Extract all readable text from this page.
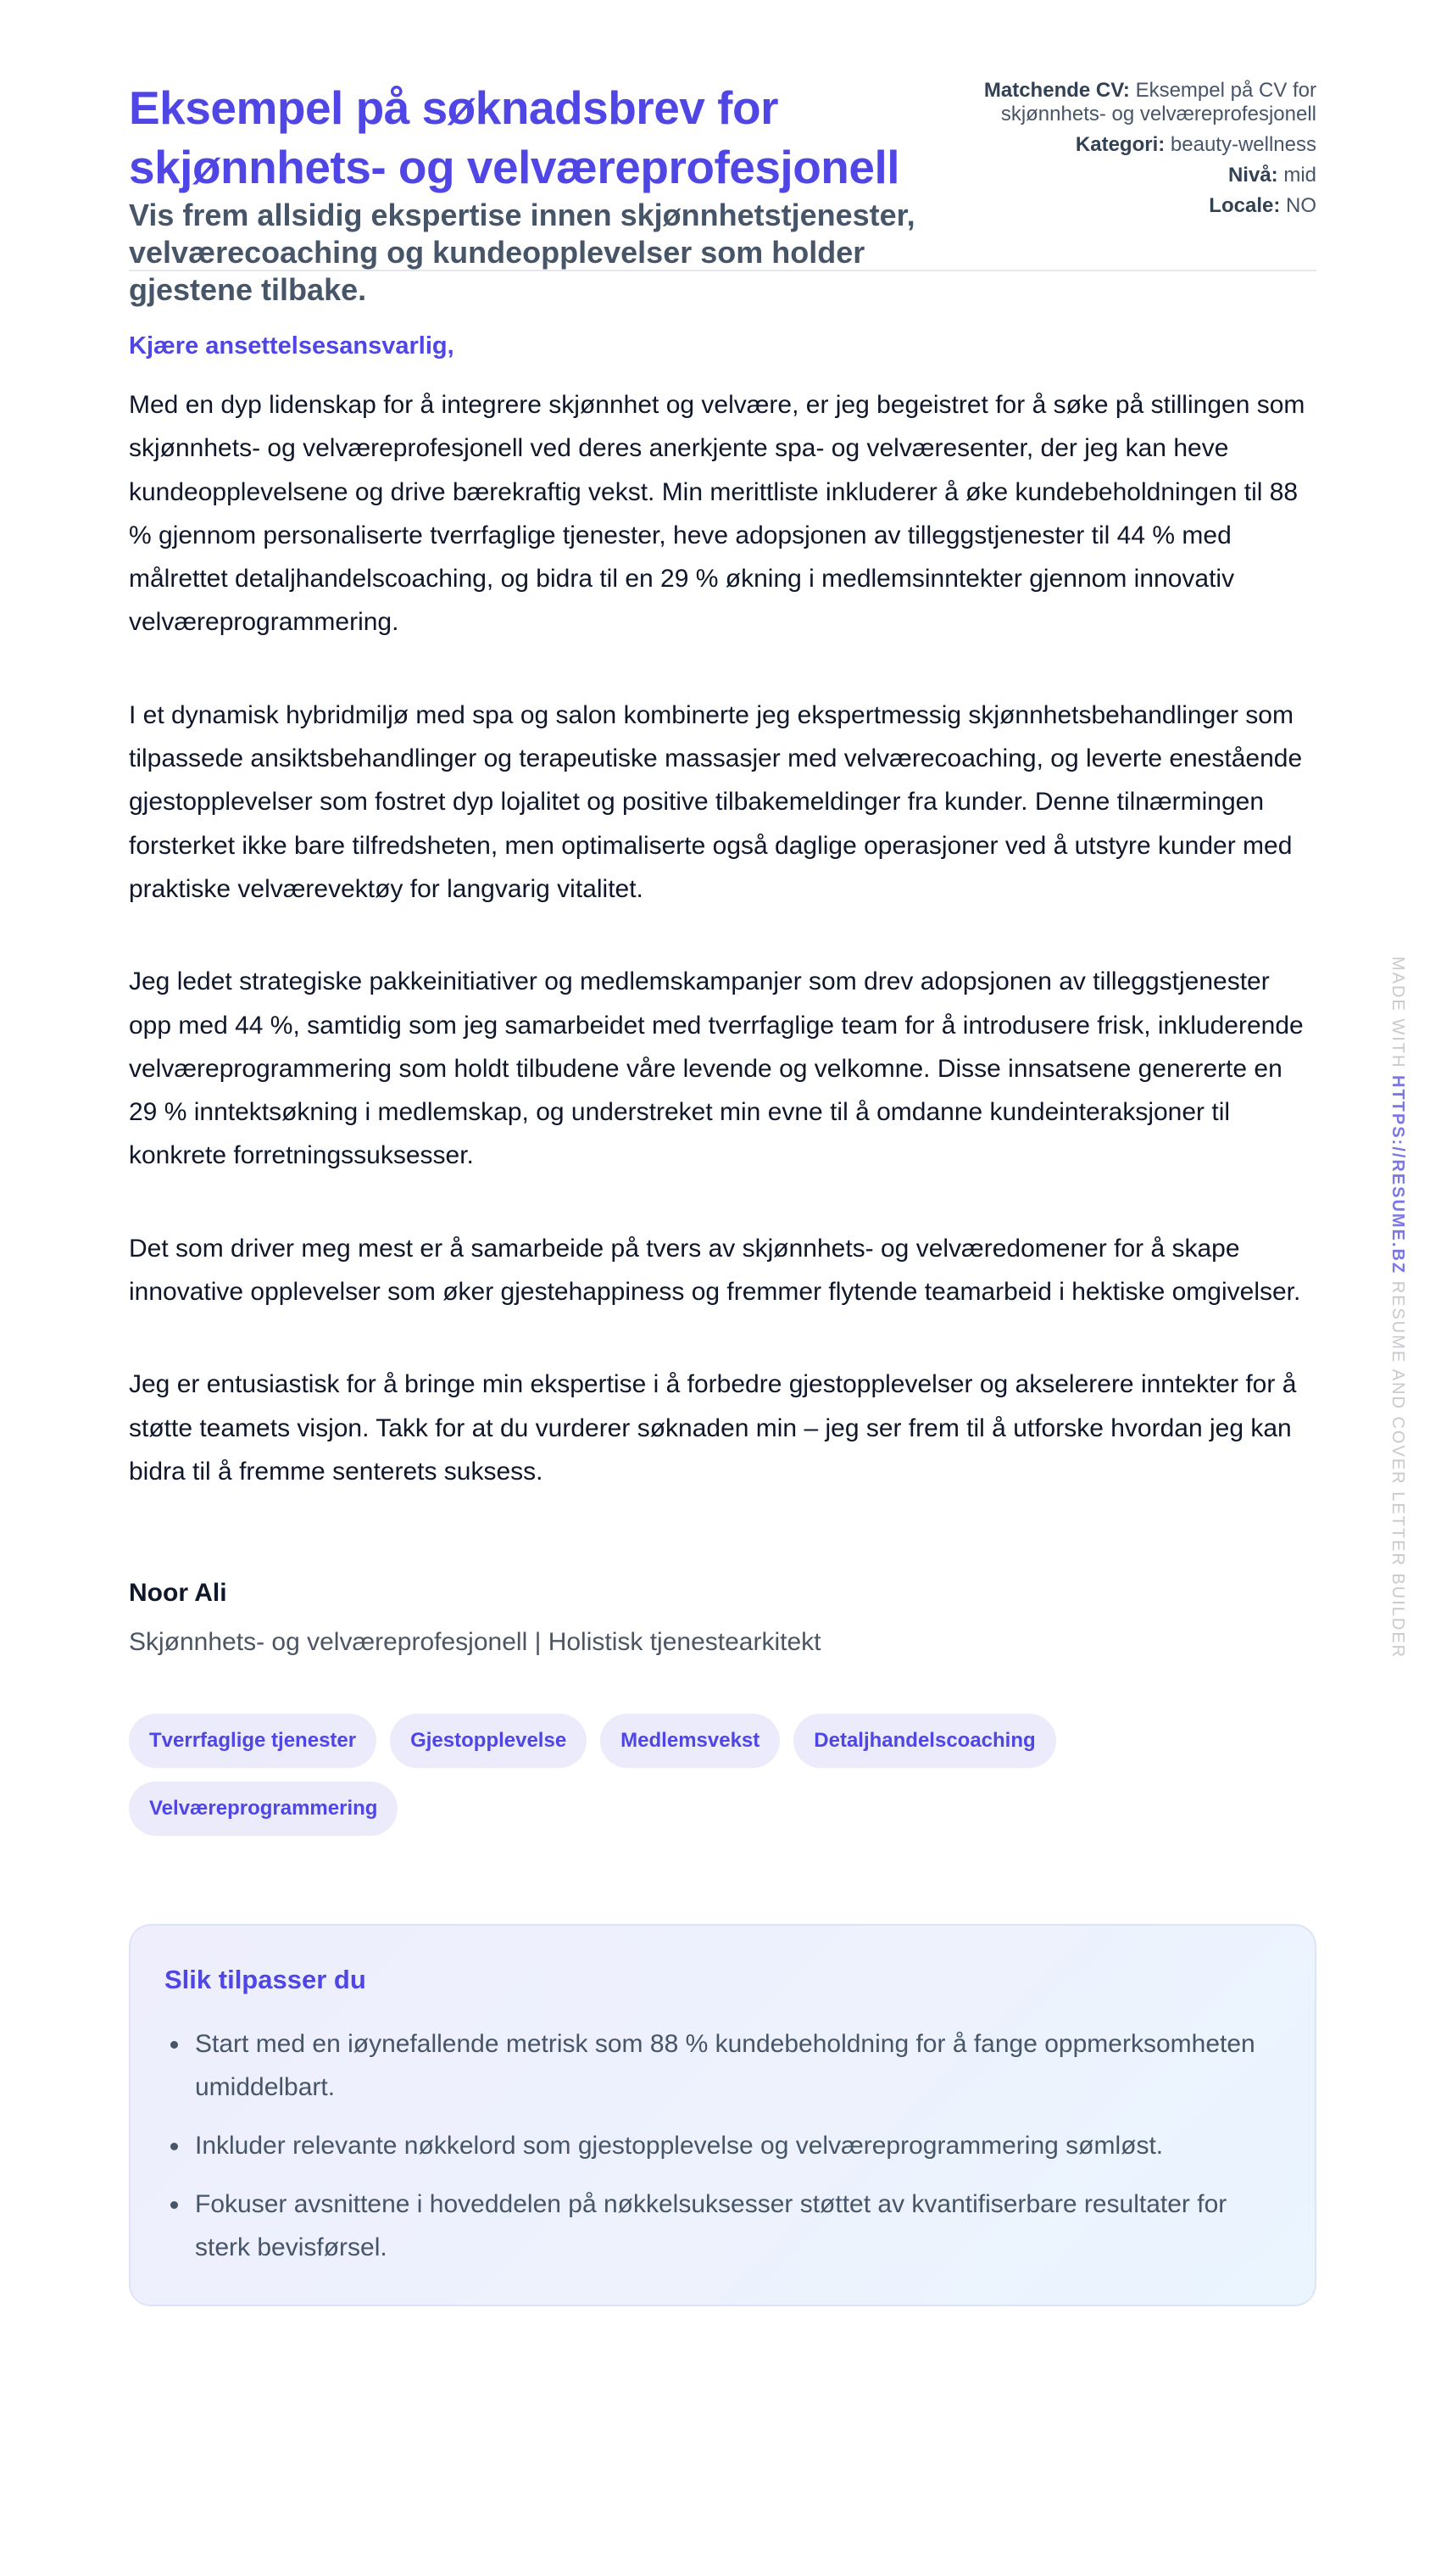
Eksempel på søknadsbrev for skjønnhets- og velværeprofesjonell

Vis frem allsidig ekspertise innen skjønnhetstjenester, velværecoaching og kundeopplevelser som holder gjestene tilbake.

Matchende CV: Eksempel på CV for skjønnhets- og velværeprofesjonell
Kategori: beauty-wellness
Nivå: mid
Locale: NO

Kjære ansettelsesansvarlig,

Med en dyp lidenskap for å integrere skjønnhet og velvære, er jeg begeistret for å søke på stillingen som skjønnhets- og velværeprofesjonell ved deres anerkjente spa- og velværesenter, der jeg kan heve kundeopplevelsene og drive bærekraftig vekst. Min merittliste inkluderer å øke kundebeholdningen til 88 % gjennom personaliserte tverrfaglige tjenester, heve adopsjonen av tilleggstjenester til 44 % med målrettet detaljhandelscoaching, og bidra til en 29 % økning i medlemsinntekter gjennom innovativ velværeprogrammering.

I et dynamisk hybridmiljø med spa og salon kombinerte jeg ekspertmessig skjønnhetsbehandlinger som tilpassede ansiktsbehandlinger og terapeutiske massasjer med velværecoaching, og leverte enestående gjestopplevelser som fostret dyp lojalitet og positive tilbakemeldinger fra kunder. Denne tilnærmingen forsterket ikke bare tilfredsheten, men optimaliserte også daglige operasjoner ved å utstyre kunder med praktiske velværevektøy for langvarig vitalitet.

Jeg ledet strategiske pakkeinitiativer og medlemskampanjer som drev adopsjonen av tilleggstjenester opp med 44 %, samtidig som jeg samarbeidet med tverrfaglige team for å introdusere frisk, inkluderende velværeprogrammering som holdt tilbudene våre levende og velkomne. Disse innsatsene genererte en 29 % inntektsøkning i medlemskap, og understreket min evne til å omdanne kundeinteraksjoner til konkrete forretningssuksesser.

Det som driver meg mest er å samarbeide på tvers av skjønnhets- og velværedomener for å skape innovative opplevelser som øker gjestehappiness og fremmer flytende teamarbeid i hektiske omgivelser.

Jeg er entusiastisk for å bringe min ekspertise i å forbedre gjestopplevelser og akselerere inntekter for å støtte teamets visjon. Takk for at du vurderer søknaden min – jeg ser frem til å utforske hvordan jeg kan bidra til å fremme senterets suksess.

Noor Ali
Skjønnhets- og velværeprofesjonell | Holistisk tjenestearkitekt
Tverrfaglige tjenester	Gjestopplevelse	Medlemsvekst	Detaljhandelscoaching
Velværeprogrammering
Slik tilpasser du
Start med en iøynefallende metrisk som 88 % kundebeholdning for å fange oppmerksomheten umiddelbart.
Inkluder relevante nøkkelord som gjestopplevelse og velværeprogrammering sømløst.
Fokuser avsnittene i hoveddelen på nøkkelsuksesser støttet av kvantifiserbare resultater for sterk bevisførsel.
MADE WITH HTTPS://RESUME.BZ RESUME AND COVER LETTER BUILDER
